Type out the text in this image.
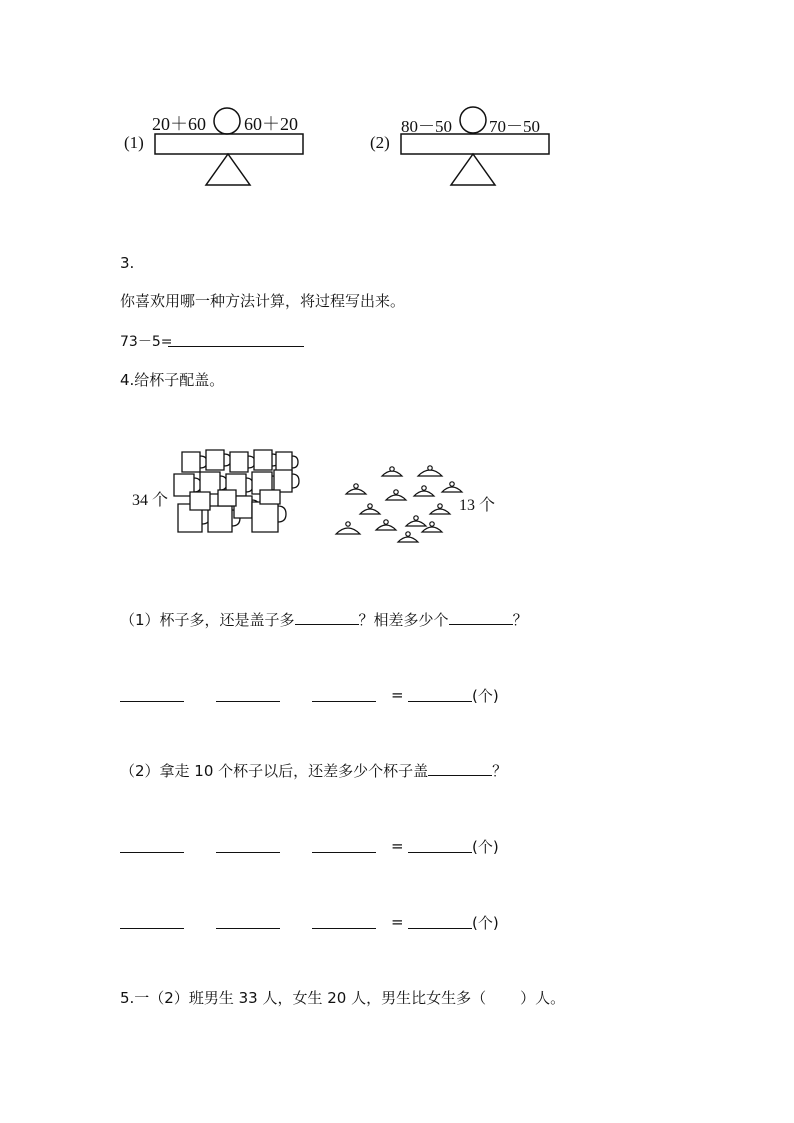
(1)
20＋60 60＋20
(2)
80－50 70－50
3.
你喜欢用哪一种方法计算，将过程写出来。
73－5=
4.给杯子配盖。
34 个	13 个
（1）杯子多，还是盖子多	？相差多少个	？
=	(个)
（2）拿走 10 个杯子以后，还差多少个杯子盖	？
=	(个)
=	(个)
5.一（2）班男生 33 人，女生 20 人，男生比女生多（ ）人。
